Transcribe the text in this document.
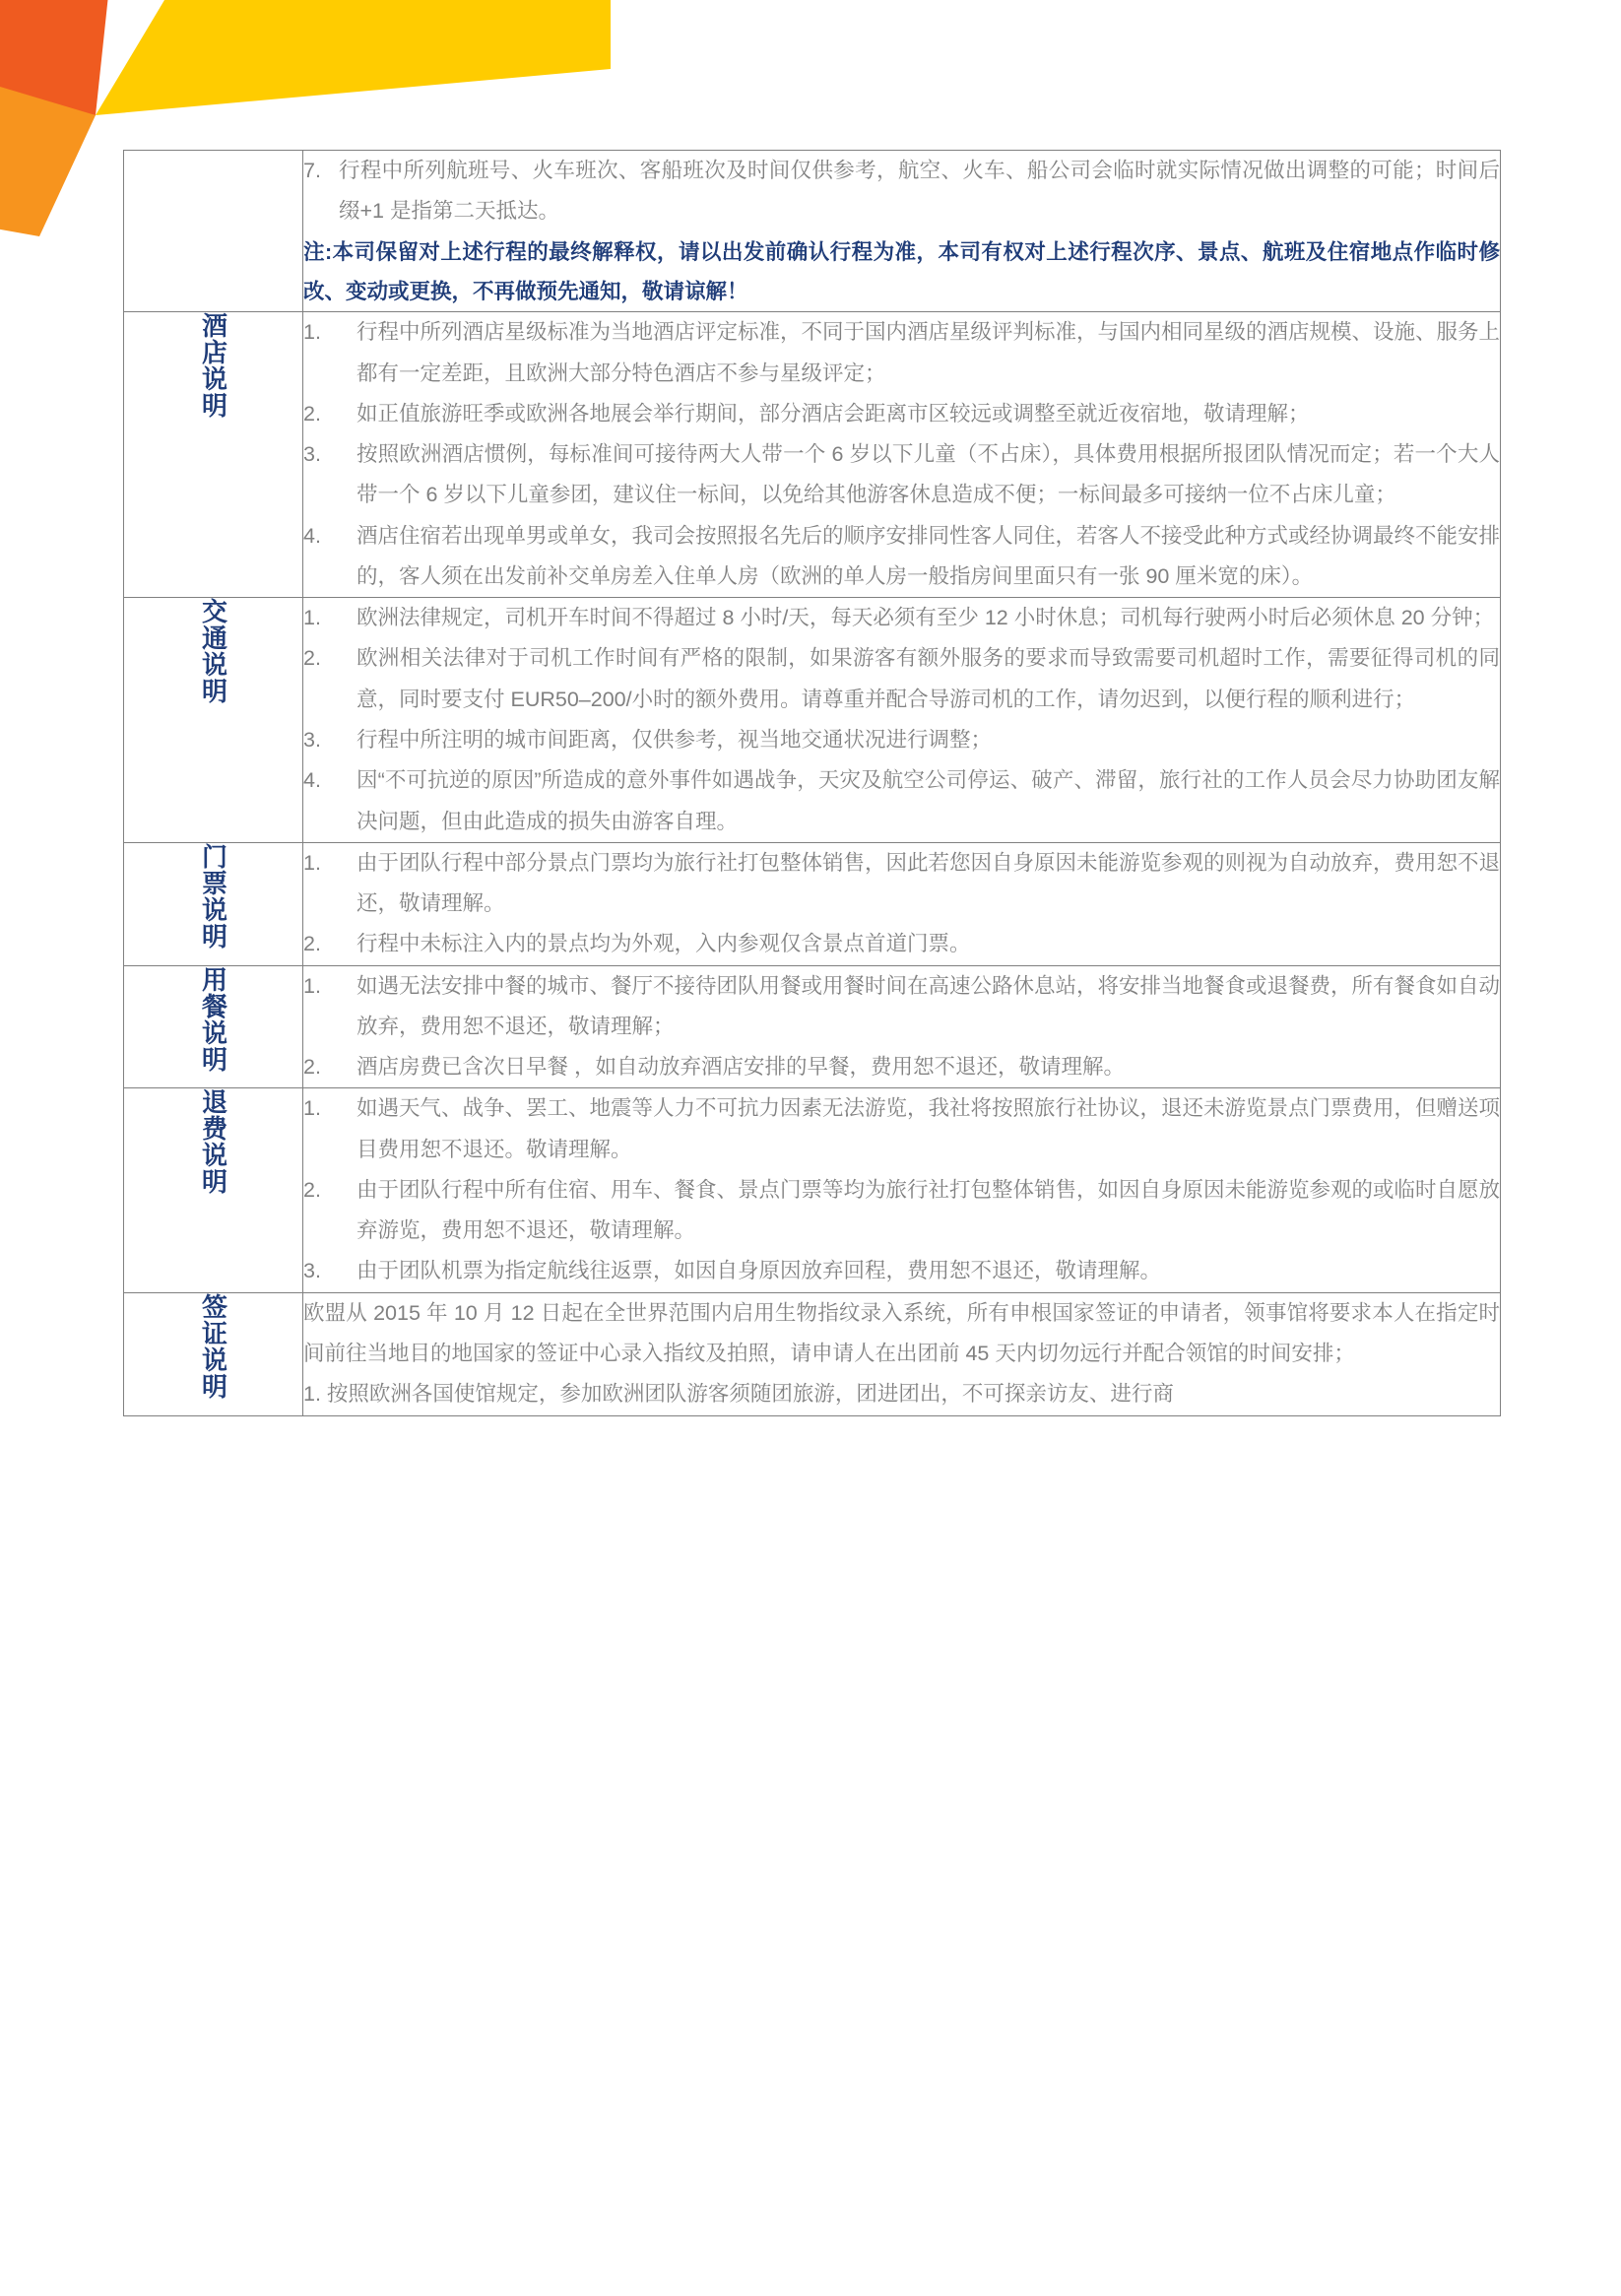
7. 行程中所列航班号、火车班次、客船班次及时间仅供参考，航空、火车、船公司会临时就实际情况做出调整的可能；时间后缀+1 是指第二天抵达。

注:本司保留对上述行程的最终解释权，请以出发前确认行程为准，本司有权对上述行程次序、景点、航班及住宿地点作临时修改、变动或更换，不再做预先通知，敬请谅解！

酒店说明	1.	行程中所列酒店星级标准为当地酒店评定标准，不同于国内酒店星级评判标准，与国内相同星级的酒店规模、设施、服务上都有一定差距，且欧洲大部分特色酒店不参与星级评定；
2.	如正值旅游旺季或欧洲各地展会举行期间，部分酒店会距离市区较远或调整至就近夜宿地，敬请理解；
3.	按照欧洲酒店惯例，每标准间可接待两大人带一个 6 岁以下儿童（不占床），具体费用根据所报团队情况而定；若一个大人带一个 6 岁以下儿童参团，建议住一标间，以免给其他游客休息造成不便；一标间最多可接纳一位不占床儿童；
4.	酒店住宿若出现单男或单女，我司会按照报名先后的顺序安排同性客人同住，若客人不接受此种方式或经协调最终不能安排的，客人须在出发前补交单房差入住单人房（欧洲的单人房一般指房间里面只有一张 90 厘米宽的床）。

交通说明	1.	欧洲法律规定，司机开车时间不得超过 8 小时/天，每天必须有至少 12 小时休息；司机每行驶两小时后必须休息 20 分钟；
2.	欧洲相关法律对于司机工作时间有严格的限制，如果游客有额外服务的要求而导致需要司机超时工作，需要征得司机的同意，同时要支付 EUR50–200/小时的额外费用。请尊重并配合导游司机的工作，请勿迟到，以便行程的顺利进行；
3.	行程中所注明的城市间距离，仅供参考，视当地交通状况进行调整；
4.	因“不可抗逆的原因”所造成的意外事件如遇战争，天灾及航空公司停运、破产、滞留，旅行社的工作人员会尽力协助团友解决问题，但由此造成的损失由游客自理。

门票说明	1.	由于团队行程中部分景点门票均为旅行社打包整体销售，因此若您因自身原因未能游览参观的则视为自动放弃，费用恕不退还，敬请理解。
2.	行程中未标注入内的景点均为外观，入内参观仅含景点首道门票。

用餐说明	1.	如遇无法安排中餐的城市、餐厅不接待团队用餐或用餐时间在高速公路休息站，将安排当地餐食或退餐费，所有餐食如自动放弃，费用恕不退还，敬请理解；
2.	酒店房费已含次日早餐 ，如自动放弃酒店安排的早餐，费用恕不退还，敬请理解。

退费说明	1.	如遇天气、战争、罢工、地震等人力不可抗力因素无法游览，我社将按照旅行社协议，退还未游览景点门票费用，但赠送项目费用恕不退还。敬请理解。
2.	由于团队行程中所有住宿、用车、餐食、景点门票等均为旅行社打包整体销售，如因自身原因未能游览参观的或临时自愿放弃游览，费用恕不退还，敬请理解。
3.	由于团队机票为指定航线往返票，如因自身原因放弃回程，费用恕不退还，敬请理解。

签证说明	欧盟从 2015 年 10 月 12 日起在全世界范围内启用生物指纹录入系统，所有申根国家签证的申请者，领事馆将要求本人在指定时间前往当地目的地国家的签证中心录入指纹及拍照，请申请人在出团前 45 天内切勿远行并配合领馆的时间安排；

1. 按照欧洲各国使馆规定，参加欧洲团队游客须随团旅游，团进团出，不可探亲访友、进行商
